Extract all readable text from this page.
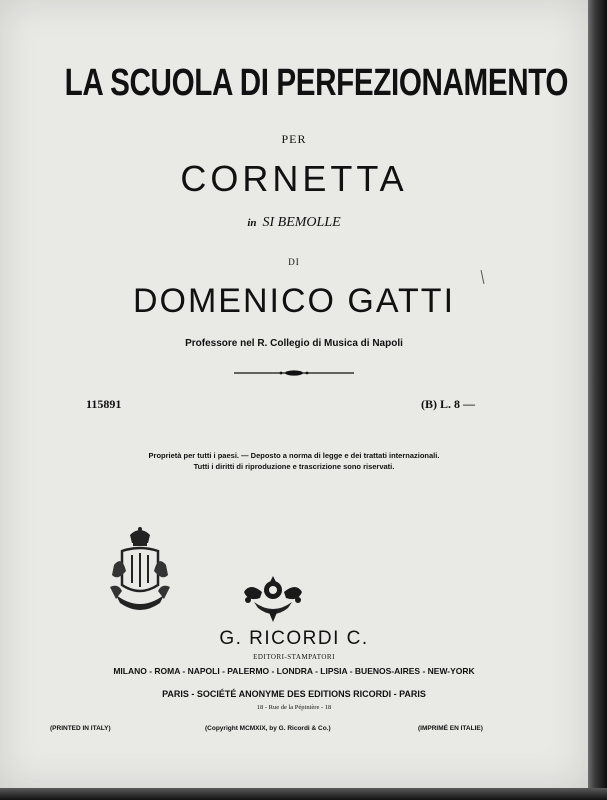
LA SCUOLA DI PERFEZIONAMENTO
PER
CORNETTA
in SI BEMOLLE
DI
DOMENICO GATTI
Professore nel R. Collegio di Musica di Napoli
115891	(B) L. 8 —
Proprietà per tutti i paesi. — Deposto a norma di legge e dei trattati internazionali.
Tutti i diritti di riproduzione e trascrizione sono riservati.
G. RICORDI C.
EDITORI-STAMPATORI
MILANO - ROMA - NAPOLI - PALERMO - LONDRA - LIPSIA - BUENOS-AIRES - NEW-YORK
PARIS - SOCIÉTÉ ANONYME DES EDITIONS RICORDI - PARIS
18 - Rue de la Pépinière - 18
(PRINTED IN ITALY)	(Copyright MCMXIX, by G. Ricordi & Co.)	(IMPRIMÉ EN ITALIE)
